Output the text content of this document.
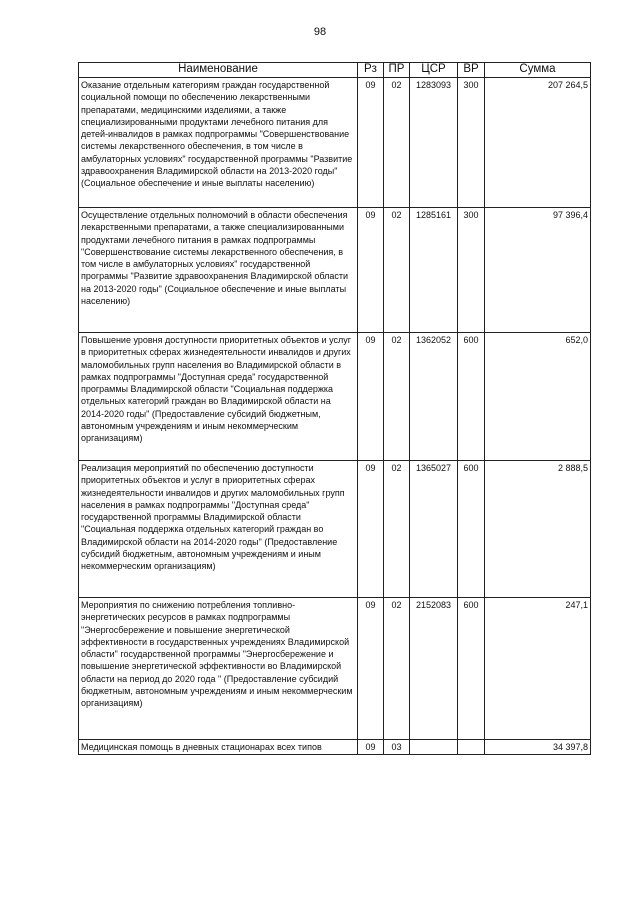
98
Наименование	Рз	ПР	ЦСР	ВР	Сумма
Оказание отдельным категориям граждан государственной социальной помощи по обеспечению лекарственными препаратами, медицинскими изделиями, а также специализированными продуктами лечебного питания для детей-инвалидов в рамках подпрограммы "Совершенствование системы лекарственного обеспечения, в том числе в амбулаторных условиях" государственной программы "Развитие здравоохранения Владимирской области на 2013-2020 годы" (Социальное обеспечение и иные выплаты населению)	09	02	1283093	300	207 264,5
Осуществление отдельных полномочий в области обеспечения лекарственными препаратами, а также специализированными продуктами лечебного питания в рамках подпрограммы "Совершенствование системы лекарственного обеспечения, в том числе в амбулаторных условиях" государственной программы "Развитие здравоохранения Владимирской области на 2013-2020 годы" (Социальное обеспечение и иные выплаты населению)	09	02	1285161	300	97 396,4
Повышение уровня доступности приоритетных объектов и услуг в приоритетных сферах жизнедеятельности инвалидов и других маломобильных групп населения во Владимирской области в рамках подпрограммы "Доступная среда" государственной программы Владимирской области "Социальная поддержка отдельных категорий граждан во Владимирской области на 2014-2020 годы" (Предоставление субсидий бюджетным, автономным учреждениям и иным некоммерческим организациям)	09	02	1362052	600	652,0
Реализация мероприятий по обеспечению доступности приоритетных объектов и услуг в приоритетных сферах жизнедеятельности инвалидов и других маломобильных групп населения в рамках подпрограммы "Доступная среда" государственной программы Владимирской области "Социальная поддержка отдельных категорий граждан во Владимирской области на 2014-2020 годы" (Предоставление субсидий бюджетным, автономным учреждениям и иным некоммерческим организациям)	09	02	1365027	600	2 888,5
Мероприятия по снижению потребления топливно-энергетических ресурсов в рамках подпрограммы "Энергосбережение и повышение энергетической эффективности в государственных учреждениях Владимирской области" государственной программы "Энергосбережение и повышение энергетической эффективности во Владимирской области на период до 2020 года " (Предоставление субсидий бюджетным, автономным учреждениям и иным некоммерческим организациям)	09	02	2152083	600	247,1
Медицинская помощь в дневных стационарах всех типов	09	03			34 397,8
